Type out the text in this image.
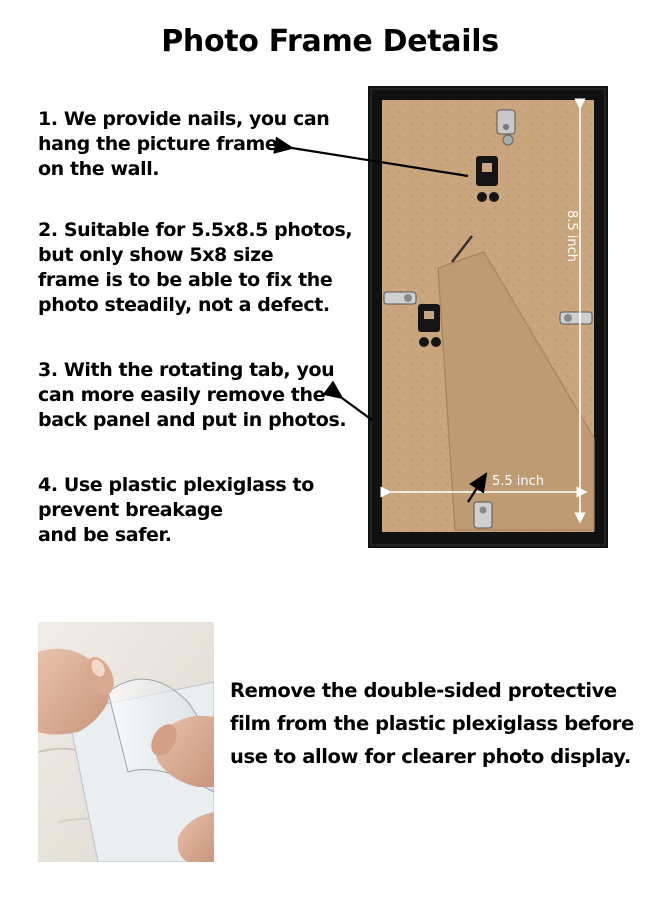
Photo Frame Details
1. We provide nails, you can
hang the picture frame
on the wall.
2. Suitable for 5.5x8.5 photos,
but only show 5x8 size
frame is to be able to fix the
photo steadily, not a defect.
3. With the rotating tab, you
can more easily remove the
back panel and put in photos.
4. Use plastic plexiglass to
prevent breakage
and be safer.
8.5 inch
5.5 inch
Remove the double-sided protective
film from the plastic plexiglass before
use to allow for clearer photo display.
